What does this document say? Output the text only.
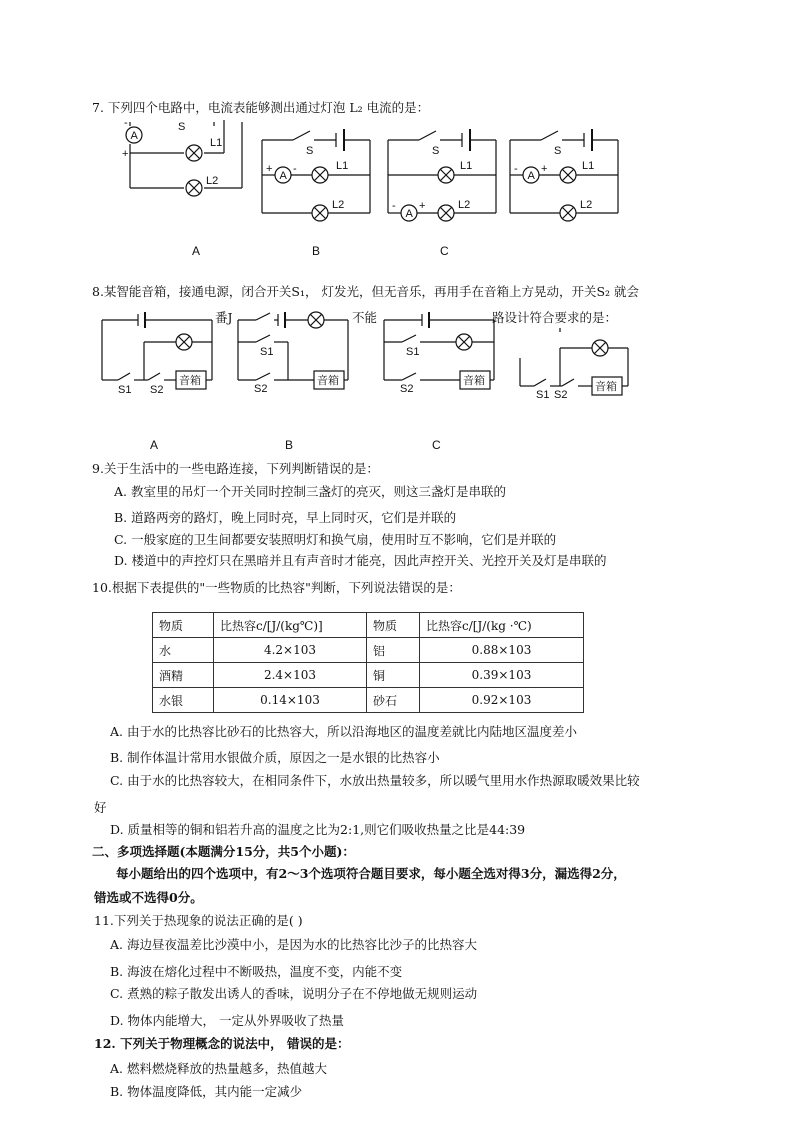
7. 下列四个电路中，电流表能够测出通过灯泡 L₂ 电流的是：
A
+
-	S
L1
L2	A
+ -
S
L1
L2
A
- +
S
L1
L2
A
- +
S
L1
L2
A	B	C
8.某智能音箱，接通电源，闭合开关S₁， 灯发光，但无音乐，再用手在音箱上方晃动，开关S₂ 就会
番J	不能	路设计符合要求的是：
音箱
S1 S2
音箱
S1
S2
音箱
S1
S2	音箱
S1 S2
A	B	C
9.关于生活中的一些电路连接，下列判断错误的是：
A. 教室里的吊灯一个开关同时控制三盏灯的亮灭，则这三盏灯是串联的
B. 道路两旁的路灯，晚上同时亮，早上同时灭，它们是并联的
C. 一般家庭的卫生间都要安装照明灯和换气扇，使用时互不影响，它们是并联的
D. 楼道中的声控灯只在黑暗并且有声音时才能亮，因此声控开关、光控开关及灯是串联的
10.根据下表提供的"一些物质的比热容"判断，下列说法错误的是：
物质	比热容c/[J/(kg℃)]	物质	比热容c/[J/(kg ·℃)
水	4.2×103	铝	0.88×103
酒精	2.4×103	铜	0.39×103
水银	0.14×103	砂石	0.92×103
A. 由于水的比热容比砂石的比热容大，所以沿海地区的温度差就比内陆地区温度差小
B. 制作体温计常用水银做介质，原因之一是水银的比热容小
C. 由于水的比热容较大，在相同条件下，水放出热量较多，所以暖气里用水作热源取暖效果比较
好
D. 质量相等的铜和铝若升高的温度之比为2:1,则它们吸收热量之比是44:39
二、多项选择题(本题满分15分，共5个小题)：
每小题给出的四个选项中，有2～3个选项符合题目要求，每小题全选对得3分，漏选得2分，
错选或不选得0分。
11.下列关于热现象的说法正确的是( )
A. 海边昼夜温差比沙漠中小，是因为水的比热容比沙子的比热容大
B. 海波在熔化过程中不断吸热，温度不变，内能不变
C. 煮熟的粽子散发出诱人的香味，说明分子在不停地做无规则运动
D. 物体内能增大， 一定从外界吸收了热量
12. 下列关于物理概念的说法中， 错误的是：
A. 燃料燃烧释放的热量越多，热值越大
B. 物体温度降低，其内能一定减少
